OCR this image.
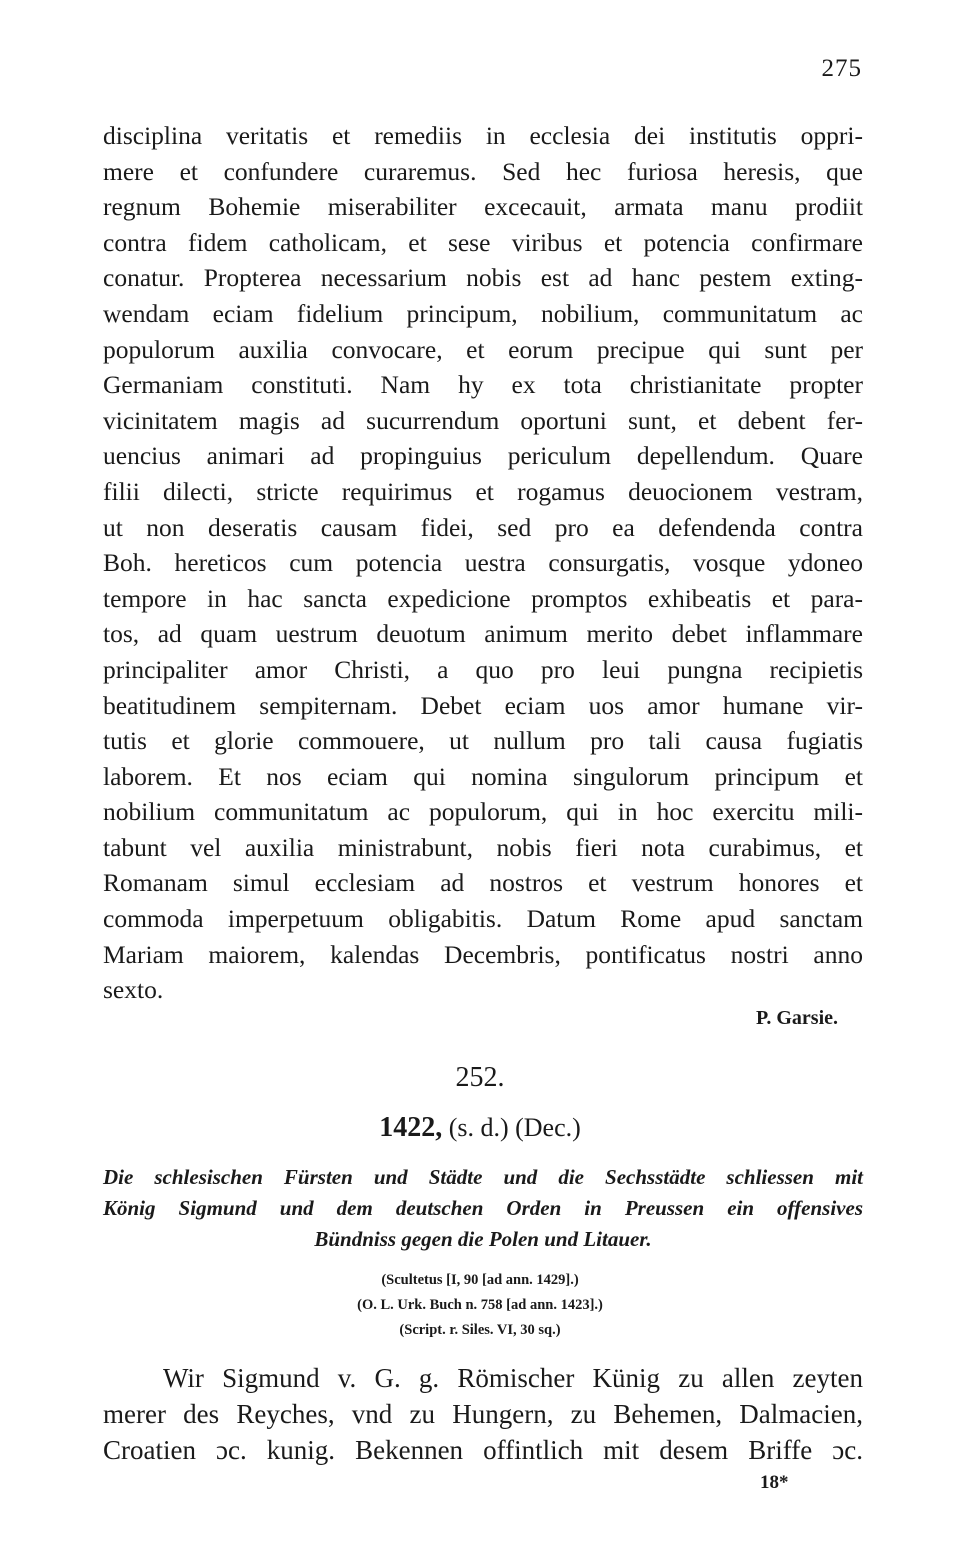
275
disciplina veritatis et remediis in ecclesia dei institutis oppri-
mere et confundere curaremus. Sed hec furiosa heresis, que
regnum Bohemie miserabiliter excecauit, armata manu prodiit
contra fidem catholicam, et sese viribus et potencia confirmare
conatur. Propterea necessarium nobis est ad hanc pestem exting-
wendam eciam fidelium principum, nobilium, communitatum ac
populorum auxilia convocare, et eorum precipue qui sunt per
Germaniam constituti. Nam hy ex tota christianitate propter
vicinitatem magis ad sucurrendum oportuni sunt, et debent fer-
uencius animari ad propinguius periculum depellendum. Quare
filii dilecti, stricte requirimus et rogamus deuocionem vestram,
ut non deseratis causam fidei, sed pro ea defendenda contra
Boh. hereticos cum potencia uestra consurgatis, vosque ydoneo
tempore in hac sancta expedicione promptos exhibeatis et para-
tos, ad quam uestrum deuotum animum merito debet inflammare
principaliter amor Christi, a quo pro leui pungna recipietis
beatitudinem sempiternam. Debet eciam uos amor humane vir-
tutis et glorie commouere, ut nullum pro tali causa fugiatis
laborem. Et nos eciam qui nomina singulorum principum et
nobilium communitatum ac populorum, qui in hoc exercitu mili-
tabunt vel auxilia ministrabunt, nobis fieri nota curabimus, et
Romanam simul ecclesiam ad nostros et vestrum honores et
commoda imperpetuum obligabitis. Datum Rome apud sanctam
Mariam maiorem, kalendas Decembris, pontificatus nostri anno
sexto.
P. Garsie.
252.
1422, (s. d.) (Dec.)
Die schlesischen Fürsten und Städte und die Sechsstädte schliessen mit
König Sigmund und dem deutschen Orden in Preussen ein offensives
Bündniss gegen die Polen und Litauer.
(Scultetus [I, 90 [ad ann. 1429].)
(O. L. Urk. Buch n. 758 [ad ann. 1423].)
(Script. r. Siles. VI, 30 sq.)
Wir Sigmund v. G. g. Römischer Künig zu allen zeyten
merer des Reyches, vnd zu Hungern, zu Behemen, Dalmacien,
Croatien ɔc. kunig. Bekennen offintlich mit desem Briffe ɔc.
18*
